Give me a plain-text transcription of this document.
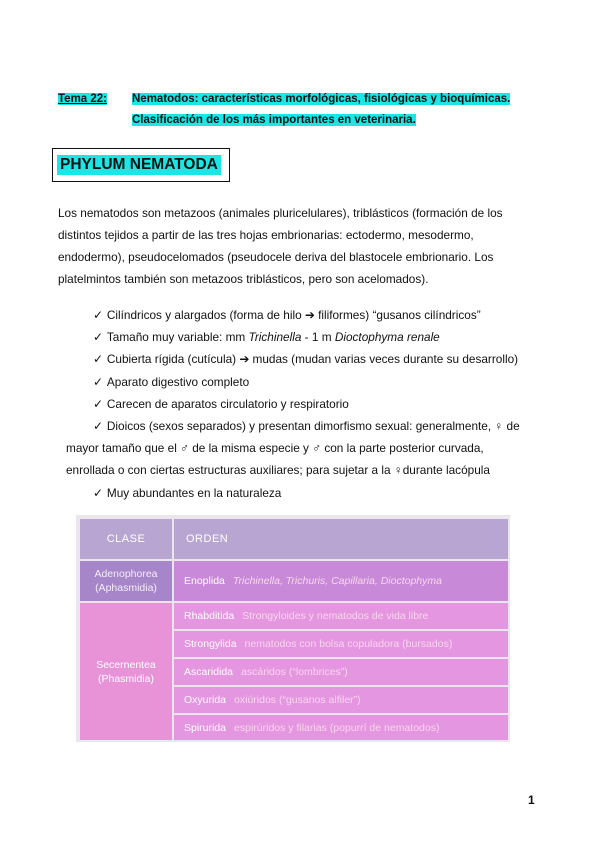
Tema 22: Nematodos: características morfológicas, fisiológicas y bioquímicas.
Clasificación de los más importantes en veterinaria.
PHYLUM NEMATODA
Los nematodos son metazoos (animales pluricelulares), triblásticos (formación de los distintos tejidos a partir de las tres hojas embrionarias: ectodermo, mesodermo, endodermo), pseudocelomados (pseudocele deriva del blastocele embrionario. Los platelmintos también son metazoos triblásticos, pero son acelomados).
✓ Cilíndricos y alargados (forma de hilo ➔ filiformes) “gusanos cilíndricos”
✓ Tamaño muy variable: mm Trichinella - 1 m Dioctophyma renale
✓ Cubierta rígida (cutícula) ➔ mudas (mudan varias veces durante su desarrollo)
✓ Aparato digestivo completo
✓ Carecen de aparatos circulatorio y respiratorio
✓ Dioicos (sexos separados) y presentan dimorfismo sexual: generalmente, ♀ de
mayor tamaño que el ♂ de la misma especie y ♂ con la parte posterior curvada,
enrollada o con ciertas estructuras auxiliares; para sujetar a la ♀durante lacópula
✓ Muy abundantes en la naturaleza
CLASE	ORDEN
Adenophorea
(Aphasmidia)
Enoplida Trichinella, Trichuris, Capillaria, Dioctophyma
Secernentea
(Phasmidia)
Rhabditida Strongyloides y nematodos de vida libre
Strongylida nematodos con bolsa copuladora (bursados)
Ascaridida ascáridos (“lombrices”)
Oxyurida oxiúridos (“gusanos alfiler”)
Spirurida espirúridos y filarias (popurrí de nematodos)
1
